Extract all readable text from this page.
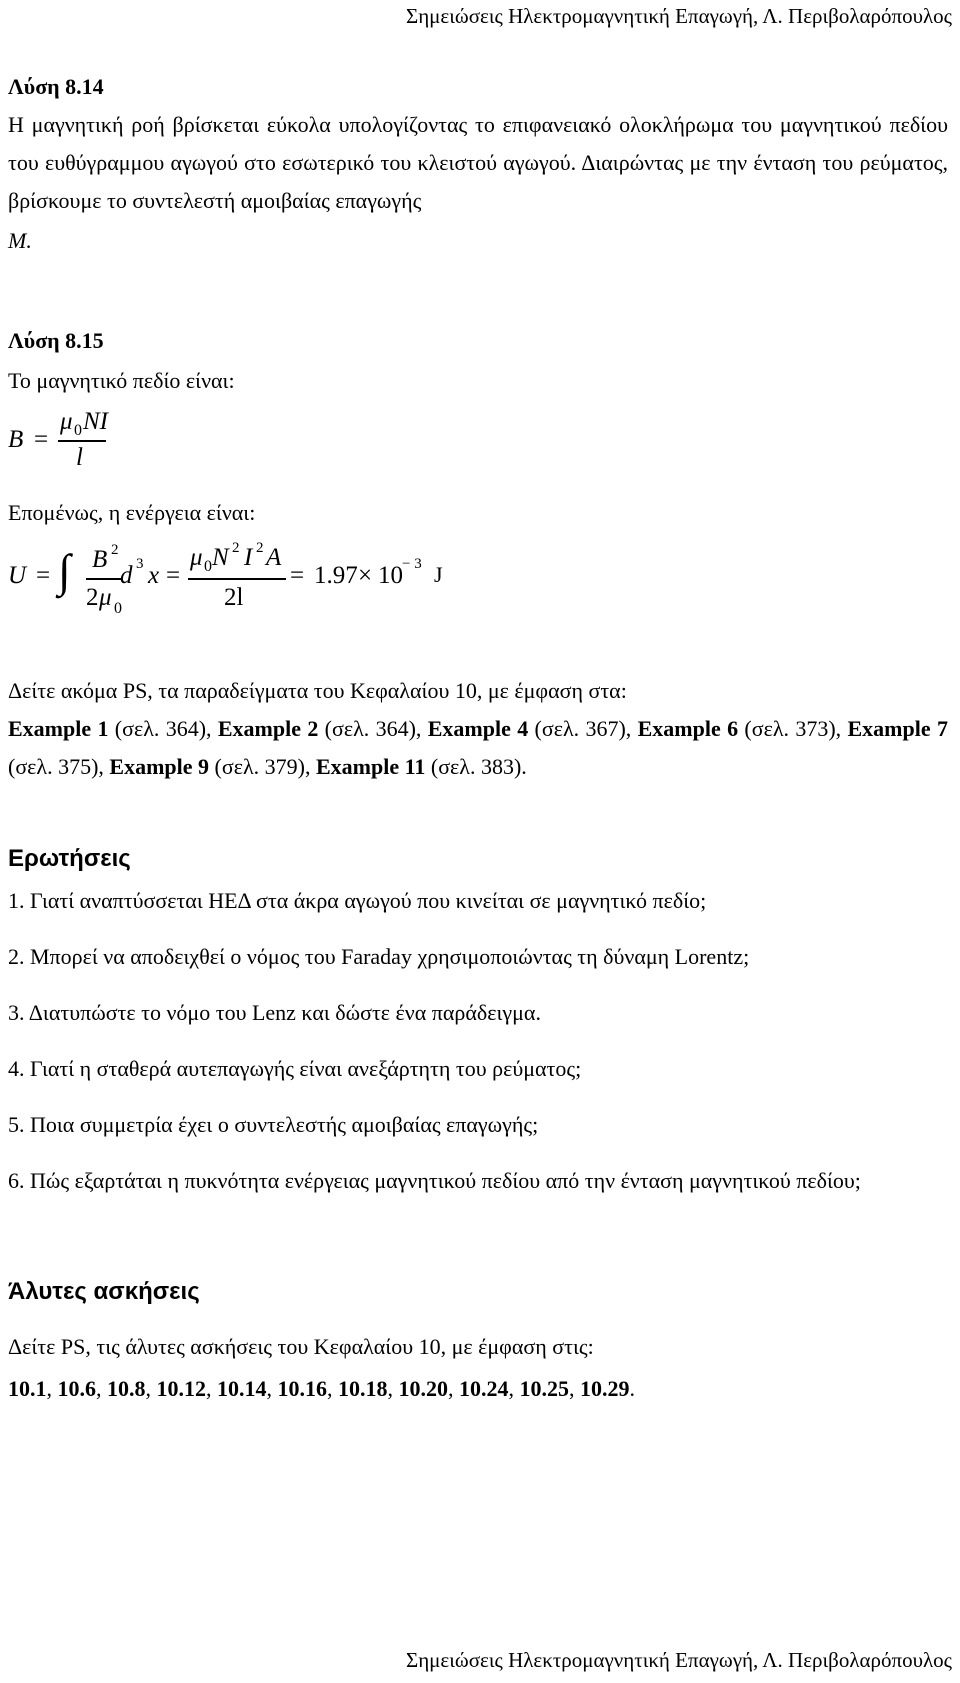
Σημειώσεις Ηλεκτρομαγνητική Επαγωγή, Λ. Περιβολαρόπουλος
Λύση 8.14
Η μαγνητική ροή βρίσκεται εύκολα υπολογίζοντας το επιφανειακό ολοκλήρωμα του μαγνητικού πεδίου του ευθύγραμμου αγωγού στο εσωτερικό του κλειστού αγωγού. Διαιρώντας με την ένταση του ρεύματος, βρίσκουμε το συντελεστή αμοιβαίας επαγωγής
M.
Λύση 8.15
Το μαγνητικό πεδίο είναι:
B =
μ 0 NI
l
Επομένως, η ενέργεια είναι:
U = ∫ B 2
2 μ 0
d 3 x =
μ 0 N 2 I 2 A
2l
= 1.97 × 10 − 3 J
Δείτε ακόμα PS, τα παραδείγματα του Κεφαλαίου 10, με έμφαση στα:
Example 1 (σελ. 364), Example 2 (σελ. 364), Example 4 (σελ. 367), Example 6 (σελ. 373), Example 7 (σελ. 375), Example 9 (σελ. 379), Example 11 (σελ. 383).
Ερωτήσεις
1. Γιατί αναπτύσσεται ΗΕΔ στα άκρα αγωγού που κινείται σε μαγνητικό πεδίο;
2. Μπορεί να αποδειχθεί ο νόμος του Faraday χρησιμοποιώντας τη δύναμη Lorentz;
3. Διατυπώστε το νόμο του Lenz και δώστε ένα παράδειγμα.
4. Γιατί η σταθερά αυτεπαγωγής είναι ανεξάρτητη του ρεύματος;
5. Ποια συμμετρία έχει ο συντελεστής αμοιβαίας επαγωγής;
6. Πώς εξαρτάται η πυκνότητα ενέργειας μαγνητικού πεδίου από την ένταση μαγνητικού πεδίου;
Άλυτες ασκήσεις
Δείτε PS, τις άλυτες ασκήσεις του Κεφαλαίου 10, με έμφαση στις:
10.1, 10.6, 10.8, 10.12, 10.14, 10.16, 10.18, 10.20, 10.24, 10.25, 10.29.
Σημειώσεις Ηλεκτρομαγνητική Επαγωγή, Λ. Περιβολαρόπουλος
